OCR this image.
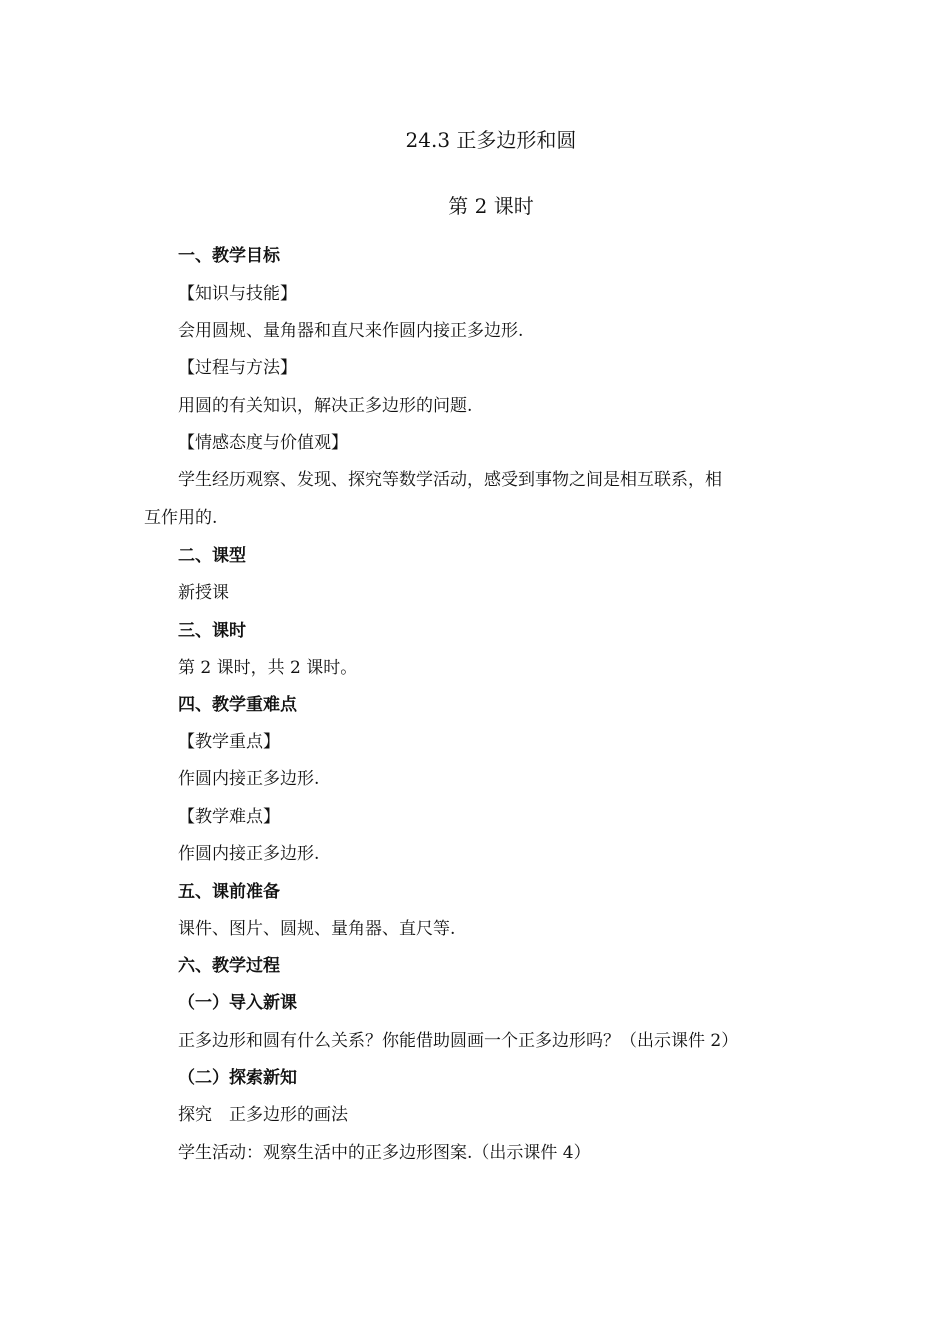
24.3 正多边形和圆
第 2 课时
一、教学目标
【知识与技能】
会用圆规、量角器和直尺来作圆内接正多边形.
【过程与方法】
用圆的有关知识，解决正多边形的问题.
【情感态度与价值观】
学生经历观察、发现、探究等数学活动，感受到事物之间是相互联系，相
互作用的.
二、课型
新授课
三、课时
第 2 课时，共 2 课时。
四、教学重难点
【教学重点】
作圆内接正多边形.
【教学难点】
作圆内接正多边形.
五、课前准备
课件、图片、圆规、量角器、直尺等.
六、教学过程
（一）导入新课
正多边形和圆有什么关系？你能借助圆画一个正多边形吗？（出示课件 2）
（二）探索新知
探究　正多边形的画法
学生活动：观察生活中的正多边形图案.（出示课件 4）
